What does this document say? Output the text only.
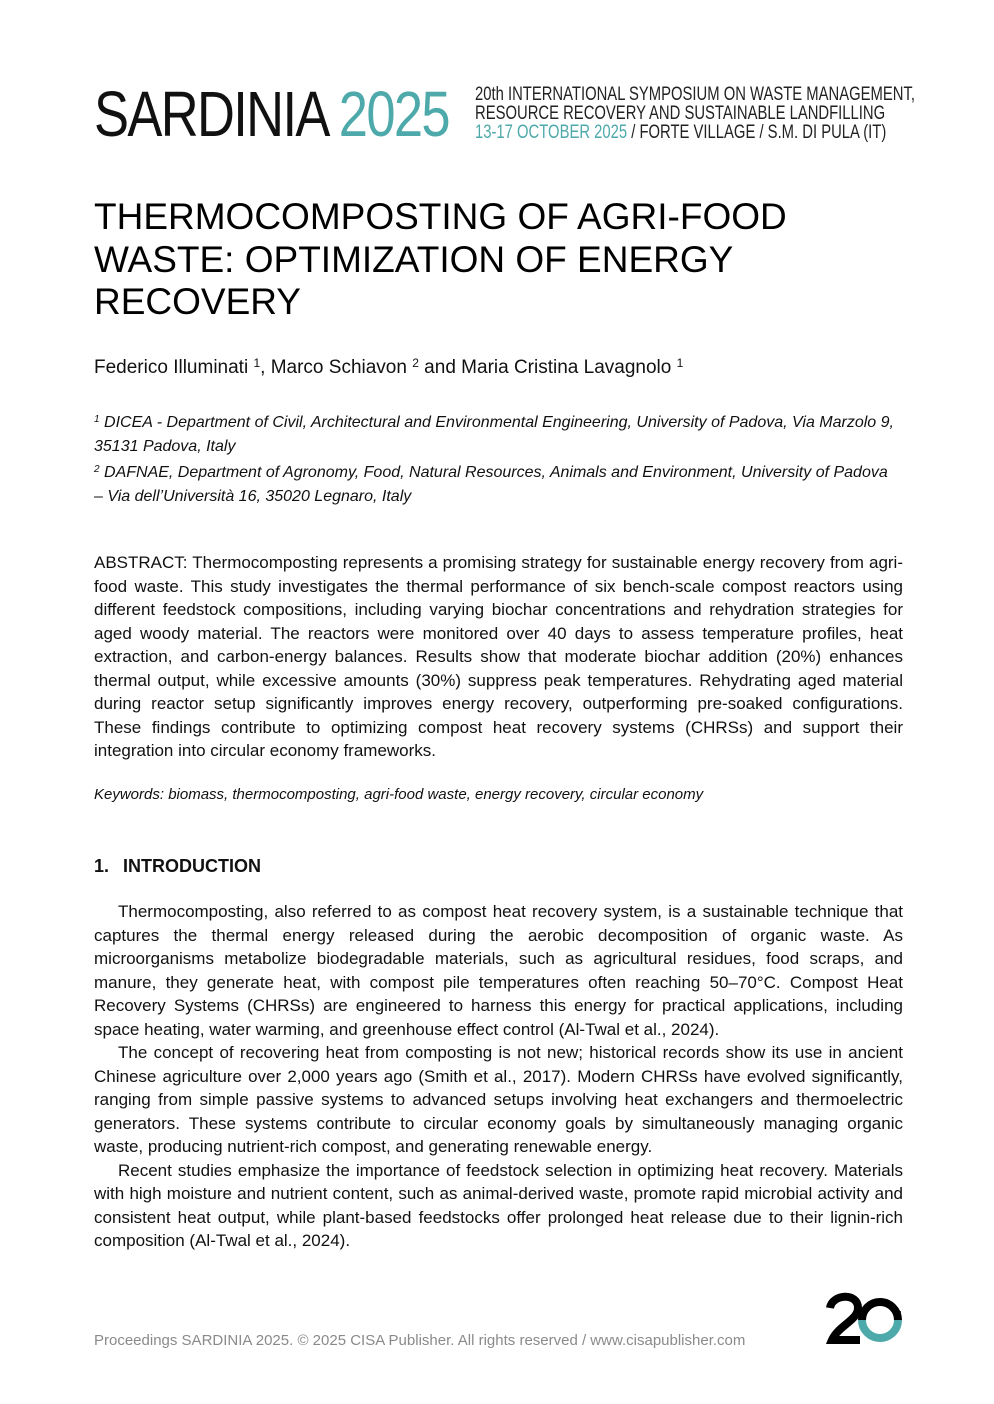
SARDINIA 2025 20th INTERNATIONAL SYMPOSIUM ON WASTE MANAGEMENT,
RESOURCE RECOVERY AND SUSTAINABLE LANDFILLING
13-17 OCTOBER 2025 / FORTE VILLAGE / S.M. DI PULA (IT)
THERMOCOMPOSTING OF AGRI-FOOD WASTE: OPTIMIZATION OF ENERGY RECOVERY
Federico Illuminati $^1$, Marco Schiavon $^2$ and Maria Cristina Lavagnolo $^1$
$^1$ DICEA - Department of Civil, Architectural and Environmental Engineering, University of Padova, Via Marzolo 9, 35131 Padova, Italy
$^2$ DAFNAE, Department of Agronomy, Food, Natural Resources, Animals and Environment, University of Padova – Via dell’Università 16, 35020 Legnaro, Italy

ABSTRACT: Thermocomposting represents a promising strategy for sustainable energy recovery from agri-food waste. This study investigates the thermal performance of six bench-scale compost reactors using different feedstock compositions, including varying biochar concentrations and rehydration strategies for aged woody material. The reactors were monitored over 40 days to assess temperature profiles, heat extraction, and carbon-energy balances. Results show that moderate biochar addition (20%) enhances thermal output, while excessive amounts (30%) suppress peak temperatures. Rehydrating aged material during reactor setup significantly improves energy recovery, outperforming pre-soaked configurations. These findings contribute to optimizing compost heat recovery systems (CHRSs) and support their integration into circular economy frameworks.

Keywords: biomass, thermocomposting, agri-food waste, energy recovery, circular economy

1. INTRODUCTION

Thermocomposting, also referred to as compost heat recovery system, is a sustainable technique that captures the thermal energy released during the aerobic decomposition of organic waste. As microorganisms metabolize biodegradable materials, such as agricultural residues, food scraps, and manure, they generate heat, with compost pile temperatures often reaching 50–70°C. Compost Heat Recovery Systems (CHRSs) are engineered to harness this energy for practical applications, including space heating, water warming, and greenhouse effect control (Al-Twal et al., 2024).

The concept of recovering heat from composting is not new; historical records show its use in ancient Chinese agriculture over 2,000 years ago (Smith et al., 2017). Modern CHRSs have evolved significantly, ranging from simple passive systems to advanced setups involving heat exchangers and thermoelectric generators. These systems contribute to circular economy goals by simultaneously managing organic waste, producing nutrient-rich compost, and generating renewable energy.

Recent studies emphasize the importance of feedstock selection in optimizing heat recovery. Materials with high moisture and nutrient content, such as animal-derived waste, promote rapid microbial activity and consistent heat output, while plant-based feedstocks offer prolonged heat release due to their lignin-rich composition (Al-Twal et al., 2024).

Proceedings SARDINIA 2025. © 2025 CISA Publisher. All rights reserved / www.cisapublisher.com
TH
